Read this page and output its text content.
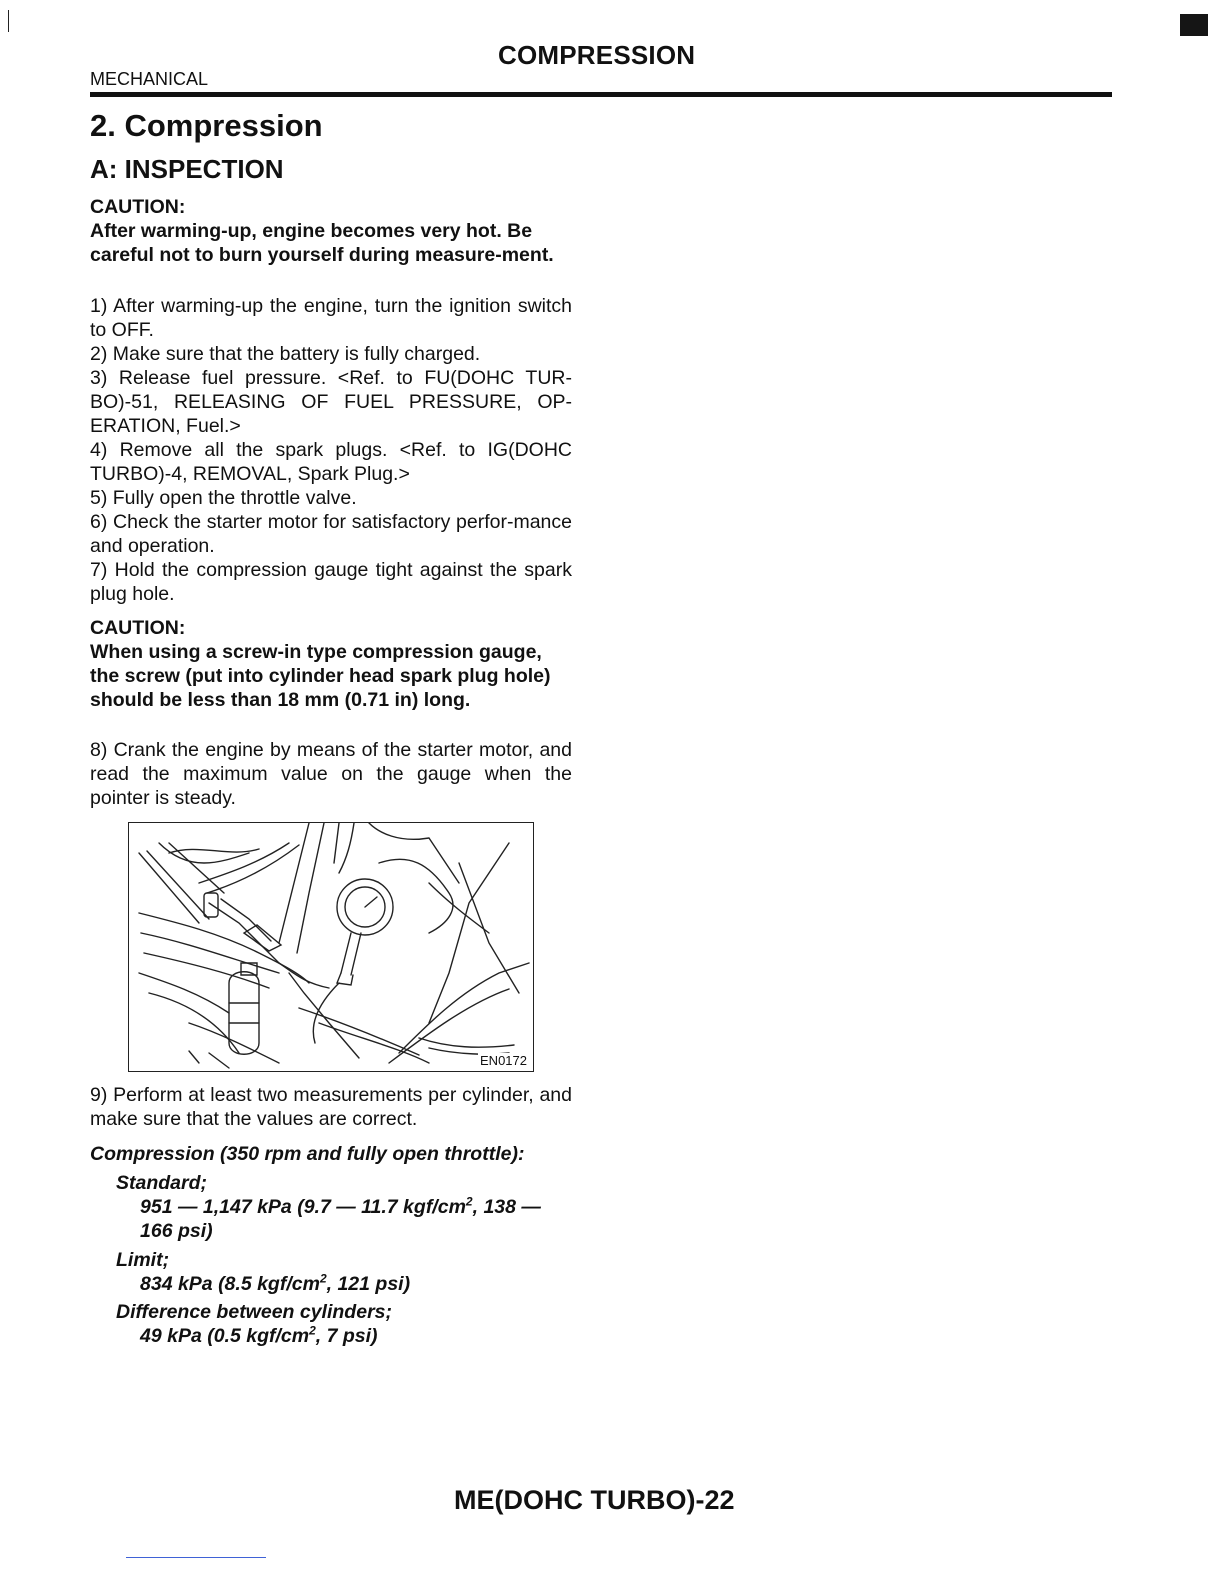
COMPRESSION
MECHANICAL
2. Compression
A: INSPECTION
CAUTION:
After warming-up, engine becomes very hot. Be careful not to burn yourself during measure-ment.
1) After warming-up the engine, turn the ignition switch to OFF.
2) Make sure that the battery is fully charged.
3) Release fuel pressure. <Ref. to FU(DOHC TUR-BO)-51, RELEASING OF FUEL PRESSURE, OP-ERATION, Fuel.>
4) Remove all the spark plugs. <Ref. to IG(DOHC TURBO)-4, REMOVAL, Spark Plug.>
5) Fully open the throttle valve.
6) Check the starter motor for satisfactory perfor-mance and operation.
7) Hold the compression gauge tight against the spark plug hole.
CAUTION:
When using a screw-in type compression gauge, the screw (put into cylinder head spark plug hole) should be less than 18 mm (0.71 in) long.
8) Crank the engine by means of the starter motor, and read the maximum value on the gauge when the pointer is steady.
EN0172
9) Perform at least two measurements per cylinder, and make sure that the values are correct.
Compression (350 rpm and fully open throttle):
Standard;
951 — 1,147 kPa (9.7 — 11.7 kgf/$cm^2$, 138 —
166 psi)
Limit;
834 kPa (8.5 kgf/$cm^2$, 121 psi)
Difference between cylinders;
49 kPa (0.5 kgf/$cm^2$, 7 psi)
ME(DOHC TURBO)-22
